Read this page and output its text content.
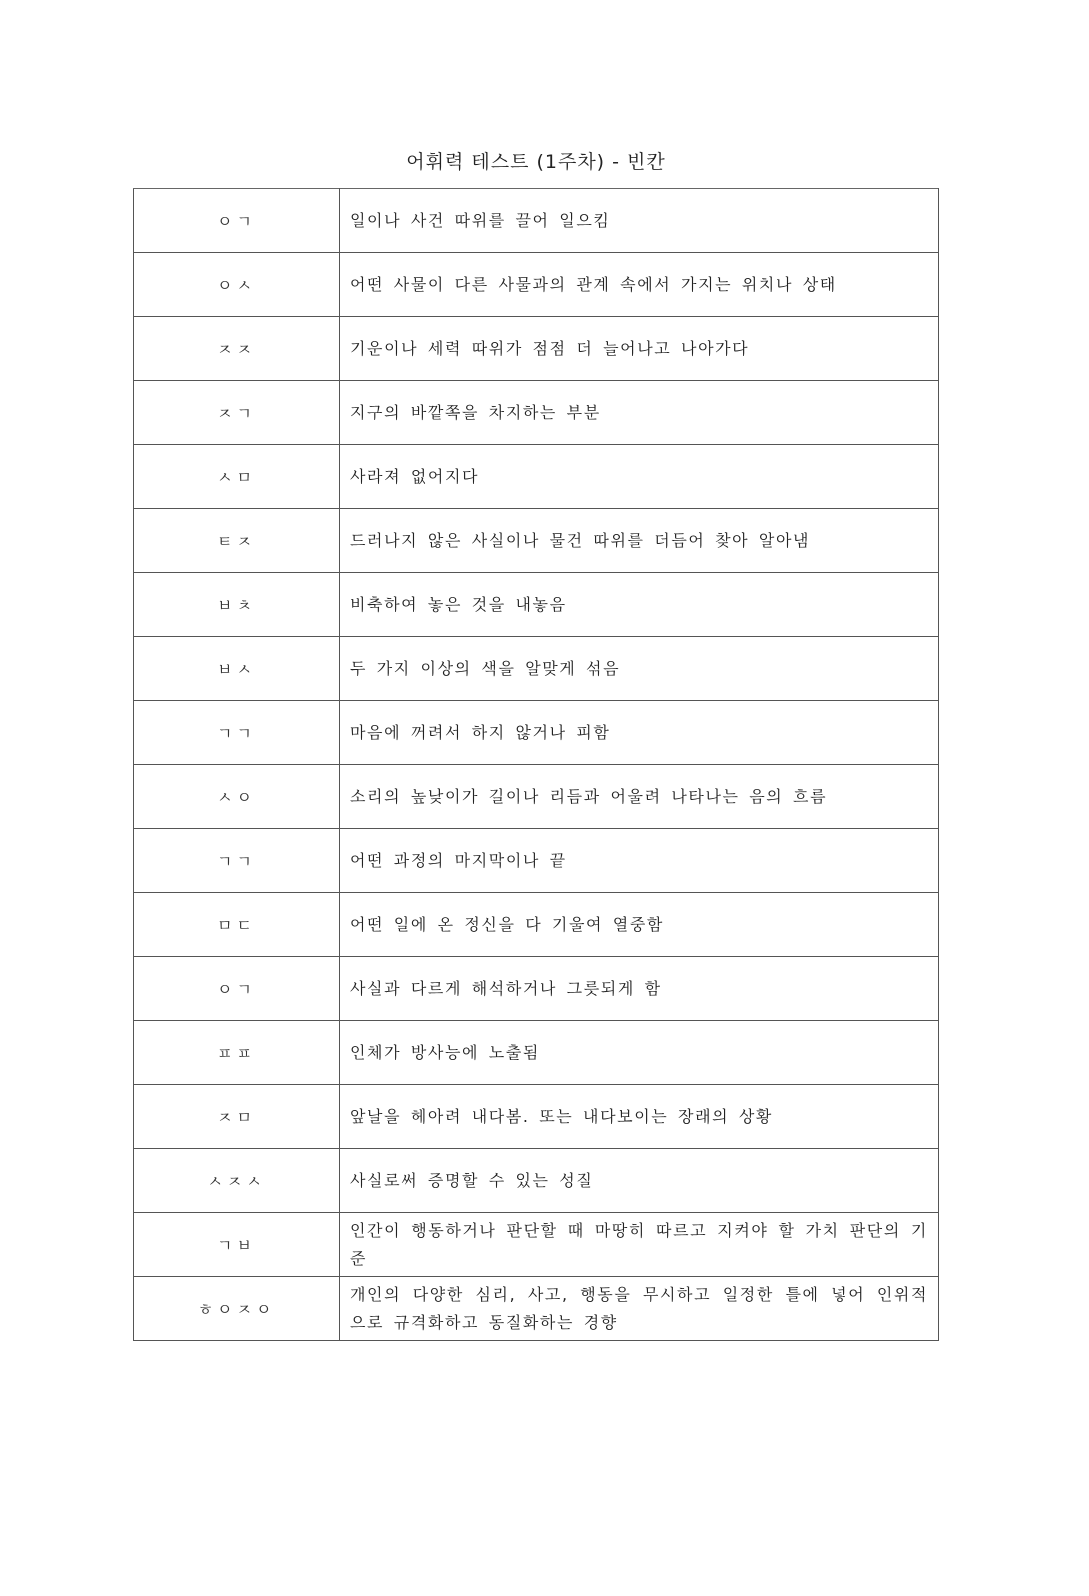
어휘력 테스트 (1주차) - 빈칸
ㅇㄱ	일이나 사건 따위를 끌어 일으킴
ㅇㅅ	어떤 사물이 다른 사물과의 관계 속에서 가지는 위치나 상태
ㅈㅈ	기운이나 세력 따위가 점점 더 늘어나고 나아가다
ㅈㄱ	지구의 바깥쪽을 차지하는 부분
ㅅㅁ	사라져 없어지다
ㅌㅈ	드러나지 않은 사실이나 물건 따위를 더듬어 찾아 알아냄
ㅂㅊ	비축하여 놓은 것을 내놓음
ㅂㅅ	두 가지 이상의 색을 알맞게 섞음
ㄱㄱ	마음에 꺼려서 하지 않거나 피함
ㅅㅇ	소리의 높낮이가 길이나 리듬과 어울려 나타나는 음의 흐름
ㄱㄱ	어떤 과정의 마지막이나 끝
ㅁㄷ	어떤 일에 온 정신을 다 기울여 열중함
ㅇㄱ	사실과 다르게 해석하거나 그릇되게 함
ㅍㅍ	인체가 방사능에 노출됨
ㅈㅁ	앞날을 헤아려 내다봄. 또는 내다보이는 장래의 상황
ㅅㅈㅅ	사실로써 증명할 수 있는 성질
ㄱㅂ	인간이 행동하거나 판단할 때 마땅히 따르고 지켜야 할 가치 판단의 기준
ㅎㅇㅈㅇ	개인의 다양한 심리, 사고, 행동을 무시하고 일정한 틀에 넣어 인위적으로 규격화하고 동질화하는 경향
